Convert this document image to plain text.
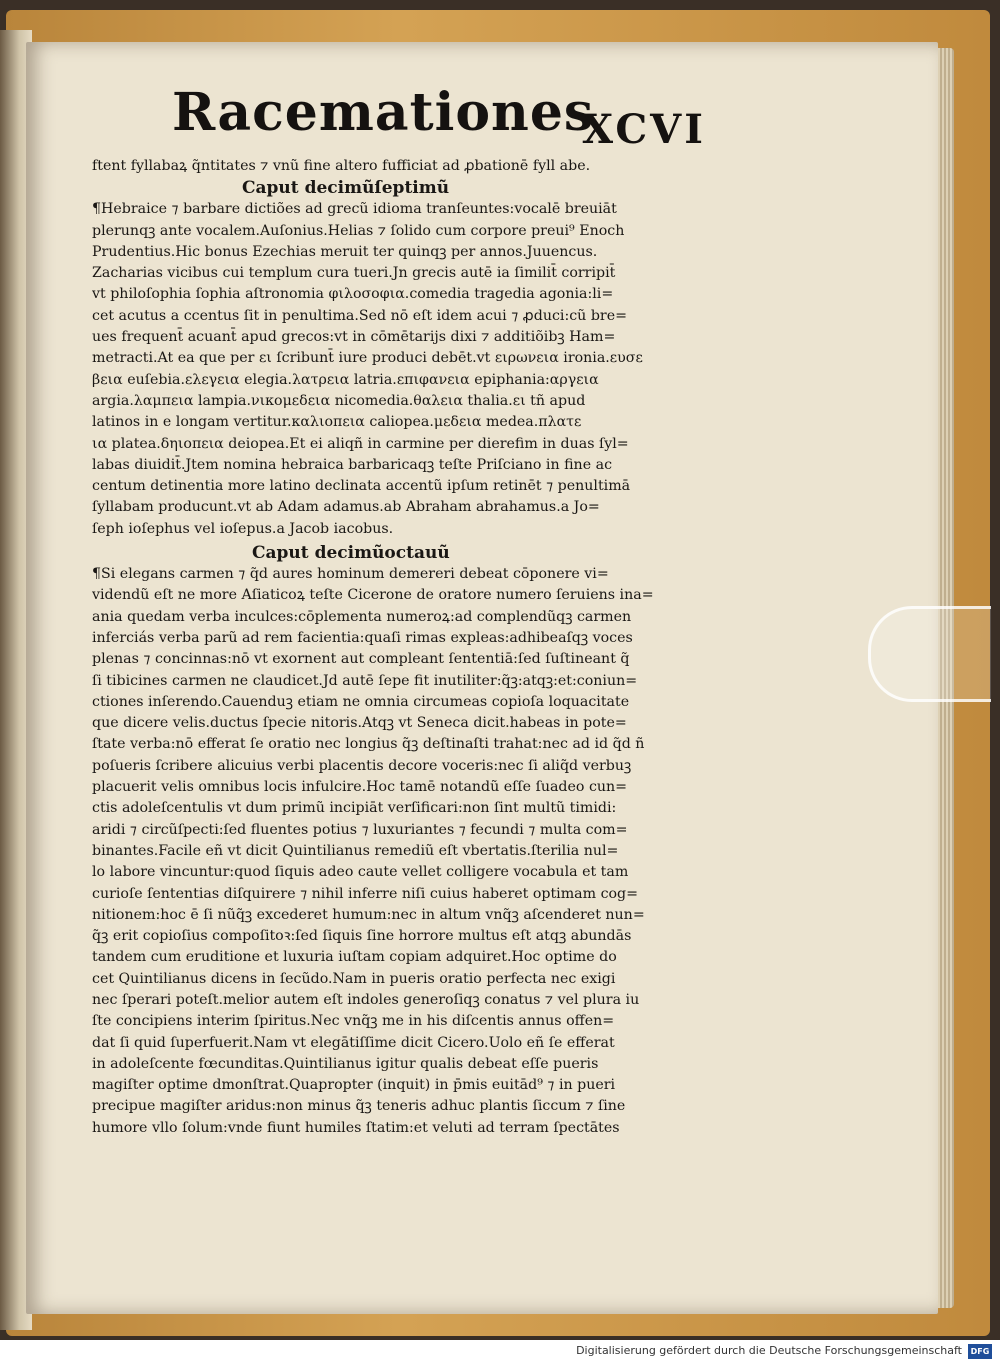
Racemationes
XCVI
ftent fyllabaꝝ q̃ntitates ⁊ vnũ fine altero fufficiat ad ꝓbationē fyll abe.
Caput decimũſeptimũ
¶Hebraice ⁊ barbare dictiões ad grecũ idioma tranſeuntes:vocalē breuiāt
plerunqꝫ ante vocalem.Auſonius.Helias ⁊ ſolido cum corpore preui⁹ Enoch
Prudentius.Hic bonus Ezechias meruit ter quinqꝫ per annos.Juuencus.
Zacharias vicibus cui templum cura tueri.Jn grecis autē ia ſimilit̄ corripit̄
vt philoſophia ſophia aſtronomia φιλοσοφια.comedia tragedia agonia:li=
cet acutus a ccentus ſit in penultima.Sed nō eſt idem acui ⁊ ꝓduci:cũ bre=
ues frequent̄ acuant̄ apud grecos:vt in cōmētarijs dixi ⁊ additiõibꝫ Ham=
metracti.At ea que per ει ſcribunt̄ iure produci debēt.vt ειρωνεια ironia.ευσε
βεια euſebia.ελεγεια elegia.λατρεια latria.επιφανεια epiphania:αργεια
argia.λαμπεια lampia.νικομεδεια nicomedia.θαλεια thalia.ει tñ apud
latinos in e longam vertitur.καλιοπεια caliopea.μεδεια medea.πλατε
ια platea.δηιοπεια deiopea.Et ei aliqñ in carmine per dierefim in duas ſyl=
labas diuidit̄.Jtem nomina hebraica barbaricaqꝫ teſte Priſciano in fine ac
centum detinentia more latino declinata accentũ ipſum retinēt ⁊ penultimā
ſyllabam producunt.vt ab Adam adamus.ab Abraham abrahamus.a Jo=
ſeph ioſephus vel ioſepus.a Jacob iacobus.
Caput decimũoctauũ
¶Si elegans carmen ⁊ q̃d aures hominum demereri debeat cōponere vi=
videndũ eſt ne more Aſiaticoꝝ teſte Cicerone de oratore numero ſeruiens ina=
ania quedam verba inculces:cōplementa numeroꝝ:ad complendũqꝫ carmen
inferciás verba parũ ad rem facientia:quaſi rimas expleas:adhibeaſqꝫ voces
plenas ⁊ concinnas:nō vt exornent aut compleant ſententiā:ſed ſuſtineant q̃
ſi tibicines carmen ne claudicet.Jd autē ſepe fit inutiliter:q̃ꝫ:atqꝫ:et:coniun=
ctiones inſerendo.Cauenduꝫ etiam ne omnia circumeas copioſa loquacitate
que dicere velis.ductus ſpecie nitoris.Atqꝫ vt Seneca dicit.habeas in pote=
ſtate verba:nō efferat ſe oratio nec longius q̃ꝫ deſtinaſti trahat:nec ad id q̃d ñ
poſueris ſcribere alicuius verbi placentis decore voceris:nec ſi aliq̃d verbuꝫ
placuerit velis omnibus locis infulcire.Hoc tamē notandũ eſſe ſuadeo cun=
ctis adoleſcentulis vt dum primũ incipiāt verſificari:non ſint multũ timidi:
aridi ⁊ circũſpecti:ſed fluentes potius ⁊ luxuriantes ⁊ fecundi ⁊ multa com=
binantes.Facile eñ vt dicit Quintilianus remediũ eſt vbertatis.ſterilia nul=
lo labore vincuntur:quod ſiquis adeo caute vellet colligere vocabula et tam
curioſe ſententias diſquirere ⁊ nihil inferre niſi cuius haberet optimam cog=
nitionem:hoc ē ſi nũq̃ꝫ excederet humum:nec in altum vnq̃ꝫ aſcenderet nun=
q̃ꝫ erit copioſius compoſitoꝛ:ſed ſiquis ſine horrore multus eſt atqꝫ abundās
tandem cum eruditione et luxuria iuſtam copiam adquiret.Hoc optime do
cet Quintilianus dicens in ſecũdo.Nam in pueris oratio perfecta nec exigi
nec ſperari poteſt.melior autem eſt indoles generoſiqꝫ conatus ⁊ vel plura iu
ſte concipiens interim ſpiritus.Nec vnq̃ꝫ me in his diſcentis annus offen=
dat ſi quid ſuperfuerit.Nam vt elegātiſſime dicit Cicero.Uolo eñ ſe efferat
in adoleſcente fœcunditas.Quintilianus igitur qualis debeat eſſe pueris
magiſter optime dmonſtrat.Quapropter (inquit) in p̄mis euitād⁹ ⁊ in pueri
precipue magiſter aridus:non minus q̃ꝫ teneris adhuc plantis ſiccum ⁊ ſine
humore vllo ſolum:vnde fiunt humiles ſtatim:et veluti ad terram ſpectātes
Digitalisierung gefördert durch die Deutsche Forschungsgemeinschaft	DFG
